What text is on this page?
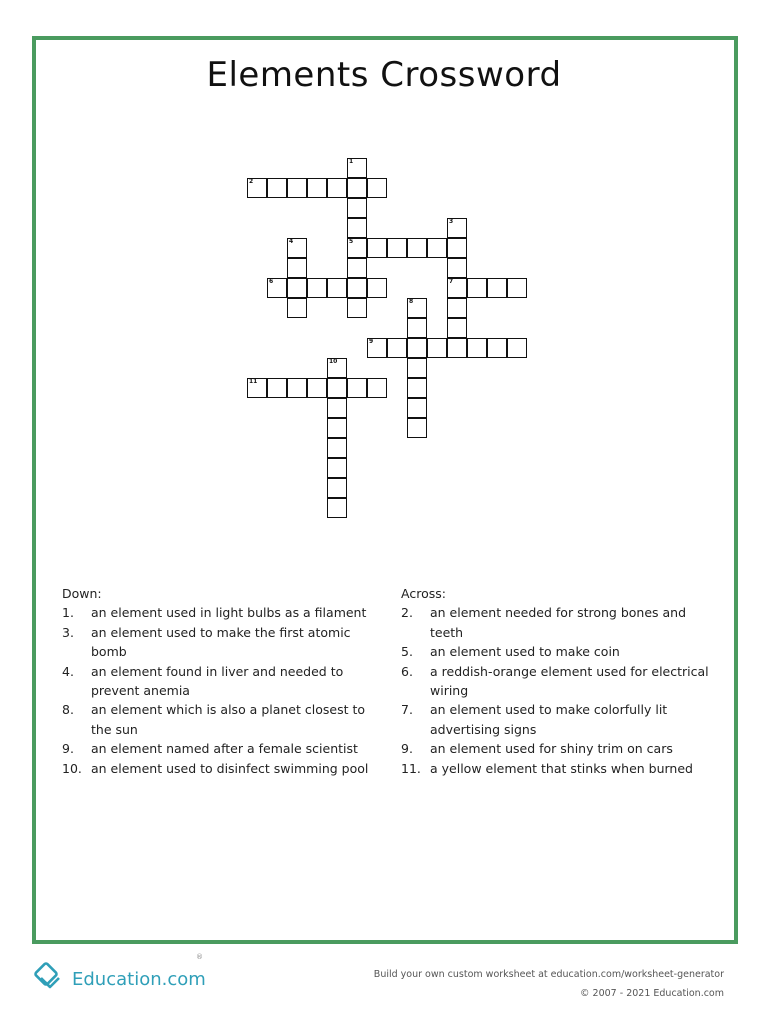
Elements Crossword
1
5
2
3
7
4
6
8
9
10
11
Down:
1. an element used in light bulbs as a filament
3. an element used to make the first atomic
bomb
4. an element found in liver and needed to
prevent anemia
8. an element which is also a planet closest to
the sun
9. an element named after a female scientist
10. an element used to disinfect swimming pool
Across:
2. an element needed for strong bones and
teeth
5. an element used to make coin
6. a reddish-orange element used for electrical
wiring
7. an element used to make colorfully lit
advertising signs
9. an element used for shiny trim on cars
11. a yellow element that stinks when burned
Education.com
®
Build your own custom worksheet at education.com/worksheet-generator
© 2007 - 2021 Education.com
